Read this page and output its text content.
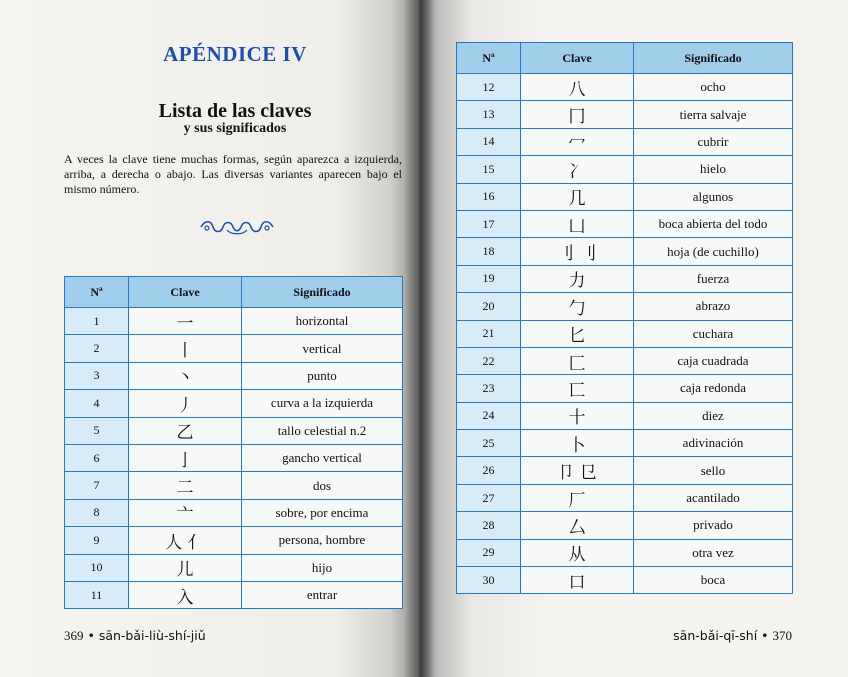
APÉNDICE IV
Lista de las claves
y sus significados
A veces la clave tiene muchas formas, según aparezca a izquierda, arriba, a derecha o abajo. Las diversas variantes aparecen bajo el mismo número.
Nª	Clave	Significado
1	一	horizontal
2	丨	vertical
3	丶	punto
4	丿	curva a la izquierda
5	乙	tallo celestial n.2
6	亅	gancho vertical
7	二	dos
8	亠	sobre, por encima
9	人 亻	persona, hombre
10	儿	hijo
11	入	entrar
Nª	Clave	Significado
12	八	ocho
13	冂	tierra salvaje
14	冖	cubrir
15	冫	hielo
16	几	algunos
17	凵	boca abierta del todo
18	刂 刂	hoja (de cuchillo)
19	力	fuerza
20	勹	abrazo
21	匕	cuchara
22	匚	caja cuadrada
23	匸	caja redonda
24	十	diez
25	卜	adivinación
26	卩 㔾	sello
27	厂	acantilado
28	厶	privado
29	从	otra vez
30	口	boca
369 • sān-bǎi-liù-shí-jiǔ	sān-bǎi-qī-shí • 370
